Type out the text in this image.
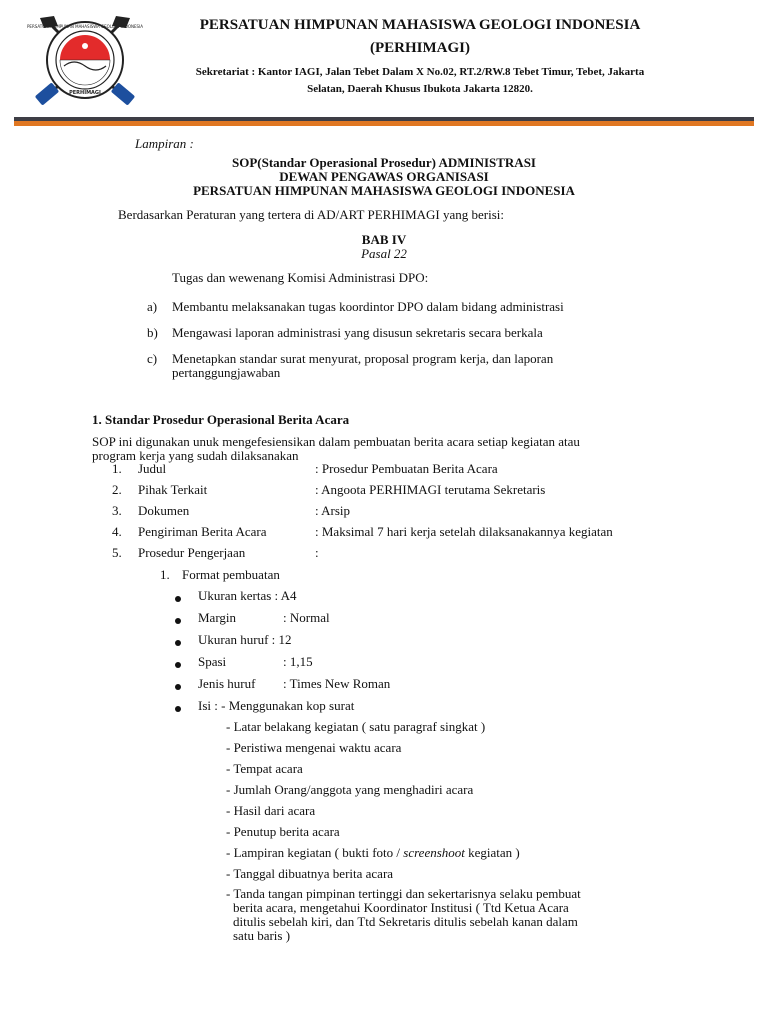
PERSATUAN HIMPUNAN MAHASISWA GEOLOGI INDONESIA
PERHIMAGI
PERSATUAN HIMPUNAN MAHASISWA GEOLOGI INDONESIA
(PERHIMAGI)
Sekretariat : Kantor IAGI, Jalan Tebet Dalam X No.02, RT.2/RW.8 Tebet Timur, Tebet, Jakarta
Selatan, Daerah Khusus Ibukota Jakarta 12820.
Lampiran :
SOP(Standar Operasional Prosedur) ADMINISTRASI
DEWAN PENGAWAS ORGANISASI
PERSATUAN HIMPUNAN MAHASISWA GEOLOGI INDONESIA
Berdasarkan Peraturan yang tertera di AD/ART PERHIMAGI yang berisi:
BAB IV
Pasal 22
Tugas dan wewenang Komisi Administrasi DPO:
a) Membantu melaksanakan tugas koordintor DPO dalam bidang administrasi
b) Mengawasi laporan administrasi yang disusun sekretaris secara berkala
c) Menetapkan standar surat menyurat, proposal program kerja, dan laporan
pertanggungjawaban
1. Standar Prosedur Operasional Berita Acara
SOP ini digunakan unuk mengefesiensikan dalam pembuatan berita acara setiap kegiatan atau
program kerja yang sudah dilaksanakan
1. Judul	: Prosedur Pembuatan Berita Acara
2. Pihak Terkait	: Angoota PERHIMAGI terutama Sekretaris
3. Dokumen	: Arsip
4. Pengiriman Berita Acara	: Maksimal 7 hari kerja setelah dilaksanakannya kegiatan
5. Prosedur Pengerjaan	:
1. Format pembuatan
Ukuran kertas : A4
Margin	: Normal
Ukuran huruf : 12
Spasi	: 1,15
Jenis huruf : Times New Roman
Isi : - Menggunakan kop surat
- Latar belakang kegiatan ( satu paragraf singkat )
- Peristiwa mengenai waktu acara
- Tempat acara
- Jumlah Orang/anggota yang menghadiri acara
- Hasil dari acara
- Penutup berita acara
- Lampiran kegiatan ( bukti foto / screenshoot kegiatan )
- Tanggal dibuatnya berita acara
- Tanda tangan pimpinan tertinggi dan sekertarisnya selaku pembuat
berita acara, mengetahui Koordinator Institusi ( Ttd Ketua Acara
ditulis sebelah kiri, dan Ttd Sekretaris ditulis sebelah kanan dalam
satu baris )
